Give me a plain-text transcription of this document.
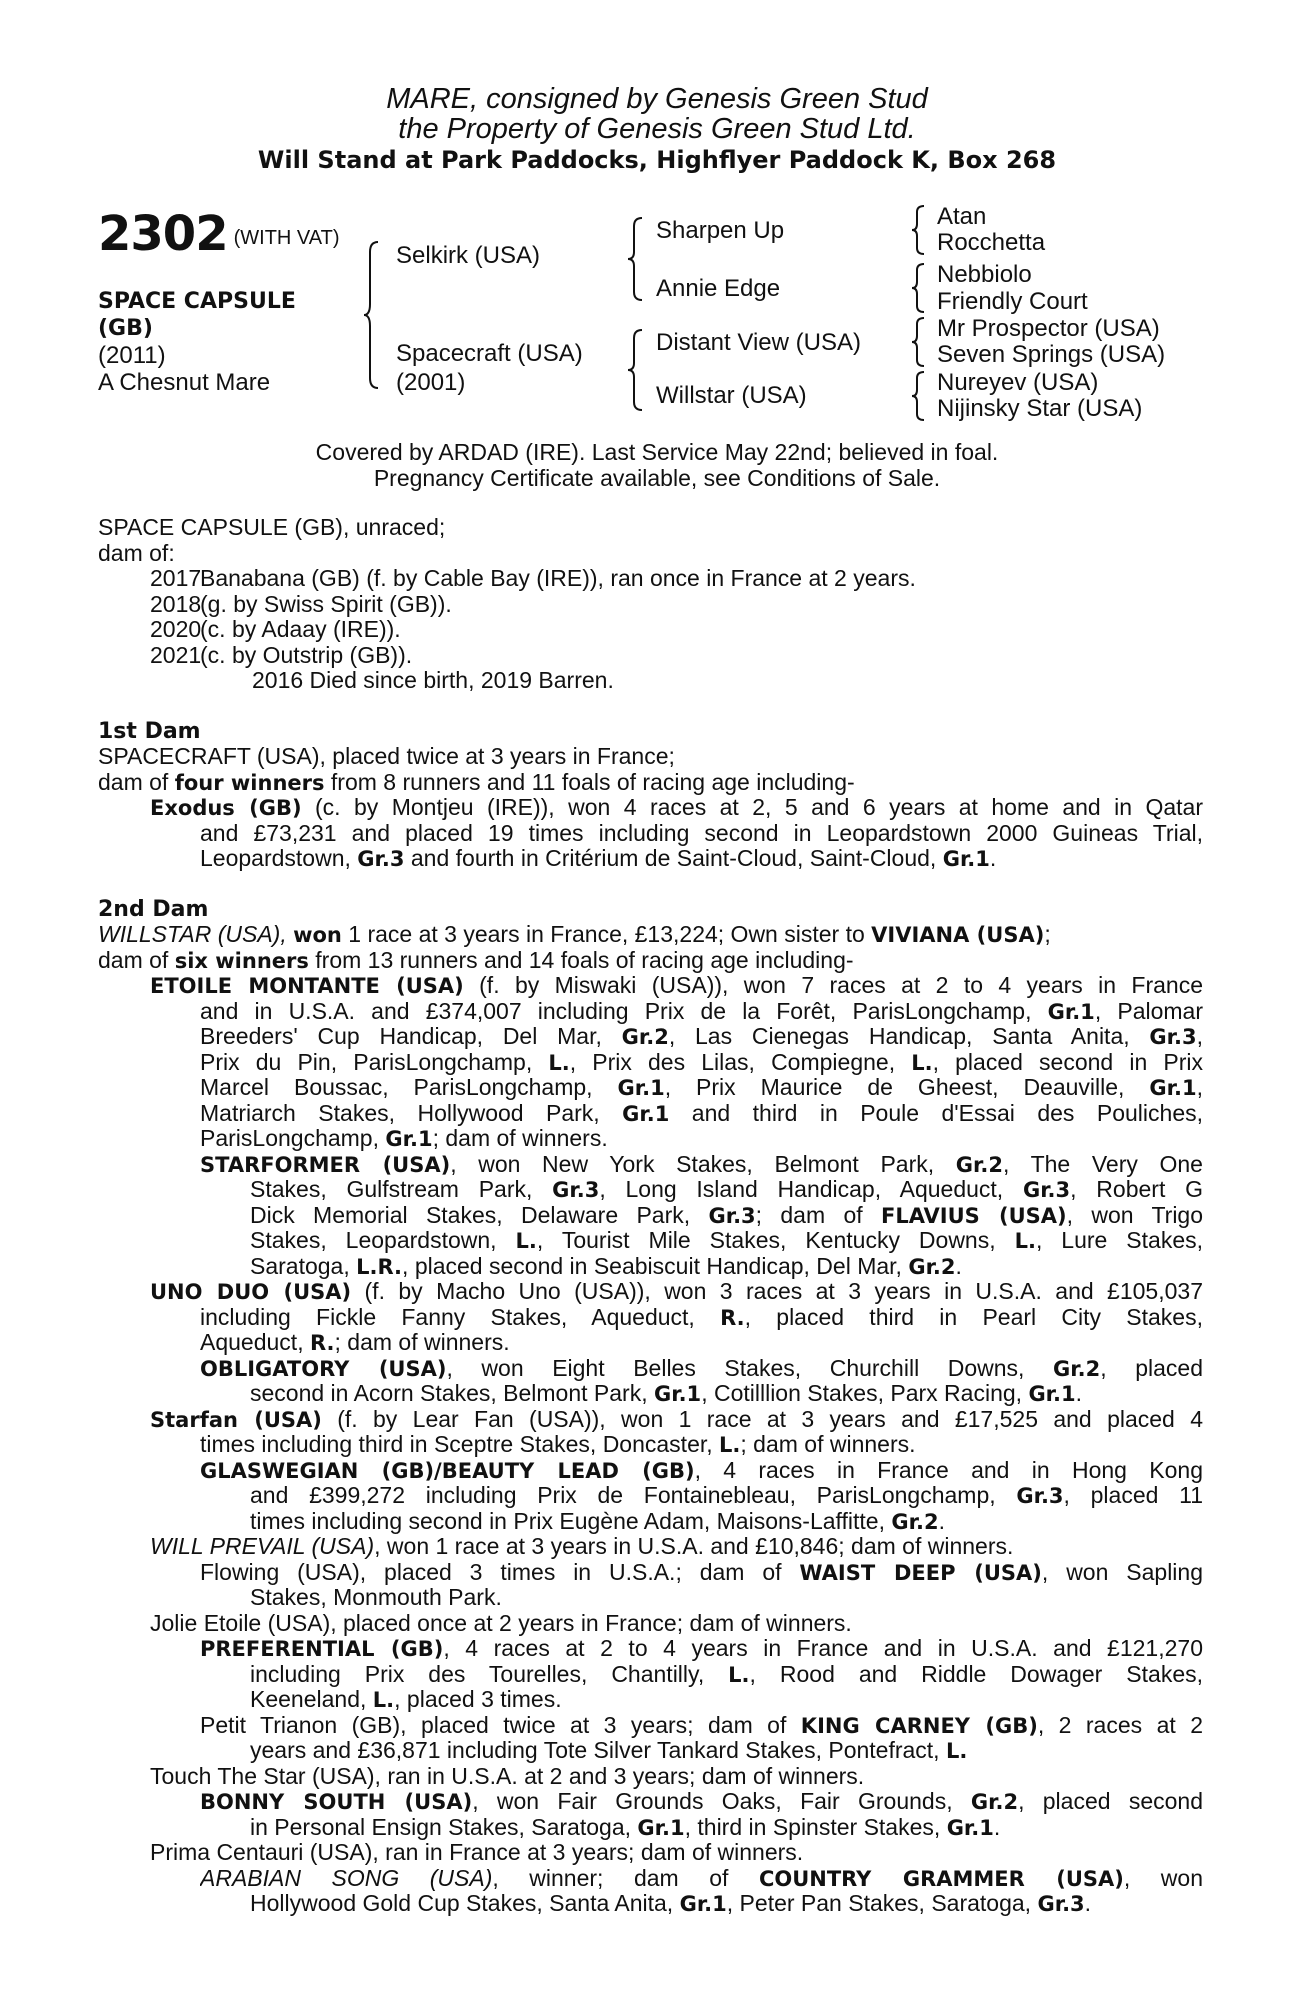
MARE, consigned by Genesis Green Stud
the Property of Genesis Green Stud Ltd.
Will Stand at Park Paddocks, Highflyer Paddock K, Box 268
2302 (WITH VAT)
SPACE CAPSULE
(GB)
(2011)
A Chesnut Mare
Selkirk (USA)
Spacecraft (USA)
(2001)
Sharpen Up
Annie Edge
Distant View (USA)
Willstar (USA)
Atan
Rocchetta
Nebbiolo
Friendly Court
Mr Prospector (USA)
Seven Springs (USA)
Nureyev (USA)
Nijinsky Star (USA)
Covered by ARDAD (IRE). Last Service May 22nd; believed in foal.
Pregnancy Certificate available, see Conditions of Sale.
SPACE CAPSULE (GB), unraced;
dam of:
2017Banabana (GB) (f. by Cable Bay (IRE)), ran once in France at 2 years.
2018(g. by Swiss Spirit (GB)).
2020(c. by Adaay (IRE)).
2021(c. by Outstrip (GB)).
2016 Died since birth, 2019 Barren.
1st Dam
SPACECRAFT (USA), placed twice at 3 years in France;
dam of four winners from 8 runners and 11 foals of racing age including-
Exodus (GB) (c. by Montjeu (IRE)), won 4 races at 2, 5 and 6 years at home and in Qatar
and £73,231 and placed 19 times including second in Leopardstown 2000 Guineas Trial,
Leopardstown, Gr.3 and fourth in Critérium de Saint-Cloud, Saint-Cloud, Gr.1.
2nd Dam
WILLSTAR (USA), won 1 race at 3 years in France, £13,224; Own sister to VIVIANA (USA);
dam of six winners from 13 runners and 14 foals of racing age including-
ETOILE MONTANTE (USA) (f. by Miswaki (USA)), won 7 races at 2 to 4 years in France
and in U.S.A. and £374,007 including Prix de la Forêt, ParisLongchamp, Gr.1, Palomar
Breeders' Cup Handicap, Del Mar, Gr.2, Las Cienegas Handicap, Santa Anita, Gr.3,
Prix du Pin, ParisLongchamp, L., Prix des Lilas, Compiegne, L., placed second in Prix
Marcel Boussac, ParisLongchamp, Gr.1, Prix Maurice de Gheest, Deauville, Gr.1,
Matriarch Stakes, Hollywood Park, Gr.1 and third in Poule d'Essai des Pouliches,
ParisLongchamp, Gr.1; dam of winners.
STARFORMER (USA), won New York Stakes, Belmont Park, Gr.2, The Very One
Stakes, Gulfstream Park, Gr.3, Long Island Handicap, Aqueduct, Gr.3, Robert G
Dick Memorial Stakes, Delaware Park, Gr.3; dam of FLAVIUS (USA), won Trigo
Stakes, Leopardstown, L., Tourist Mile Stakes, Kentucky Downs, L., Lure Stakes,
Saratoga, L.R., placed second in Seabiscuit Handicap, Del Mar, Gr.2.
UNO DUO (USA) (f. by Macho Uno (USA)), won 3 races at 3 years in U.S.A. and £105,037
including Fickle Fanny Stakes, Aqueduct, R., placed third in Pearl City Stakes,
Aqueduct, R.; dam of winners.
OBLIGATORY (USA), won Eight Belles Stakes, Churchill Downs, Gr.2, placed
second in Acorn Stakes, Belmont Park, Gr.1, Cotilllion Stakes, Parx Racing, Gr.1.
Starfan (USA) (f. by Lear Fan (USA)), won 1 race at 3 years and £17,525 and placed 4
times including third in Sceptre Stakes, Doncaster, L.; dam of winners.
GLASWEGIAN (GB)/BEAUTY LEAD (GB), 4 races in France and in Hong Kong
and £399,272 including Prix de Fontainebleau, ParisLongchamp, Gr.3, placed 11
times including second in Prix Eugène Adam, Maisons-Laffitte, Gr.2.
WILL PREVAIL (USA), won 1 race at 3 years in U.S.A. and £10,846; dam of winners.
Flowing (USA), placed 3 times in U.S.A.; dam of WAIST DEEP (USA), won Sapling
Stakes, Monmouth Park.
Jolie Etoile (USA), placed once at 2 years in France; dam of winners.
PREFERENTIAL (GB), 4 races at 2 to 4 years in France and in U.S.A. and £121,270
including Prix des Tourelles, Chantilly, L., Rood and Riddle Dowager Stakes,
Keeneland, L., placed 3 times.
Petit Trianon (GB), placed twice at 3 years; dam of KING CARNEY (GB), 2 races at 2
years and £36,871 including Tote Silver Tankard Stakes, Pontefract, L.
Touch The Star (USA), ran in U.S.A. at 2 and 3 years; dam of winners.
BONNY SOUTH (USA), won Fair Grounds Oaks, Fair Grounds, Gr.2, placed second
in Personal Ensign Stakes, Saratoga, Gr.1, third in Spinster Stakes, Gr.1.
Prima Centauri (USA), ran in France at 3 years; dam of winners.
ARABIAN SONG (USA), winner; dam of COUNTRY GRAMMER (USA), won
Hollywood Gold Cup Stakes, Santa Anita, Gr.1, Peter Pan Stakes, Saratoga, Gr.3.
